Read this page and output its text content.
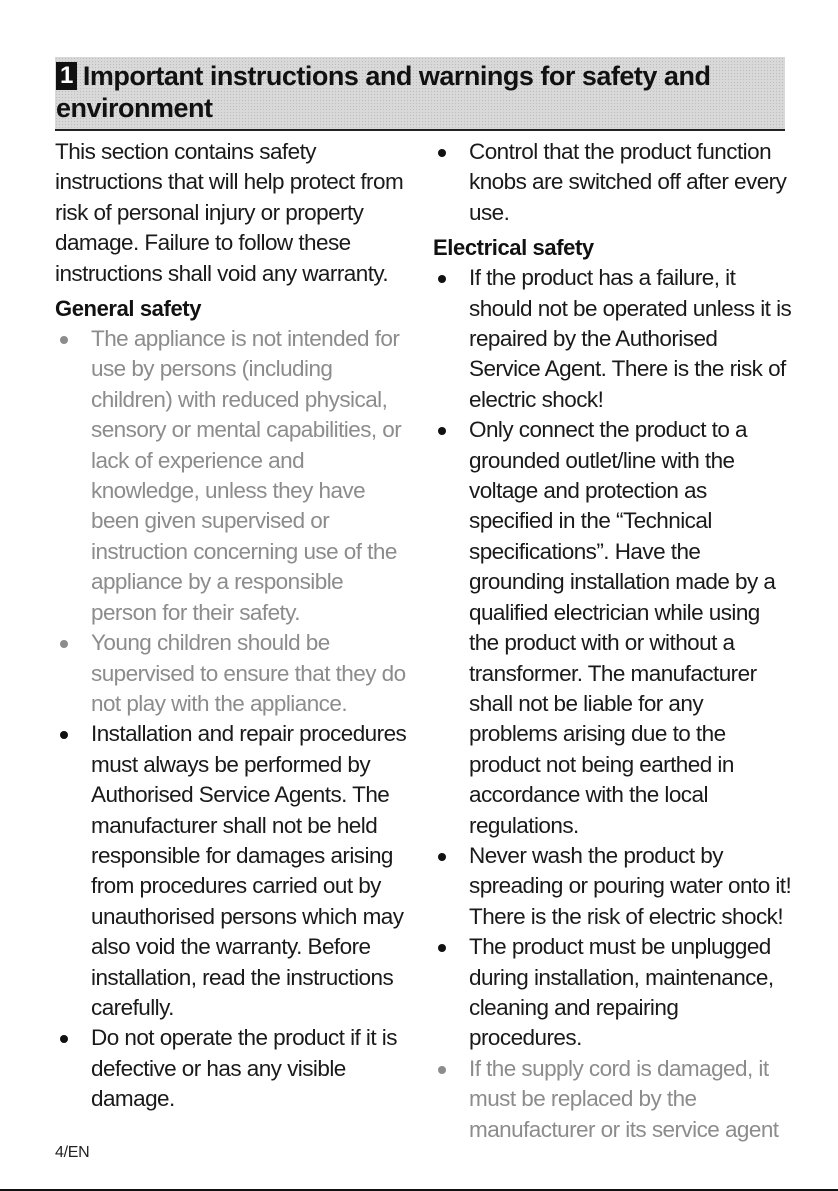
1 Important instructions and warnings for safety and environment

This section contains safety instructions that will help protect from risk of personal injury or property damage. Failure to follow these instructions shall void any warranty.

General safety
The appliance is not intended for use by persons (including children) with reduced physical, sensory or mental capabilities, or lack of experience and knowledge, unless they have been given supervised or instruction concerning use of the appliance by a responsible person for their safety.
Young children should be supervised to ensure that they do not play with the appliance.
Installation and repair procedures must always be performed by Authorised Service Agents. The manufacturer shall not be held responsible for damages arising from procedures carried out by unauthorised persons which may also void the warranty. Before installation, read the instructions carefully.
Do not operate the product if it is defective or has any visible damage.
Control that the product function knobs are switched off after every use.
Electrical safety
If the product has a failure, it should not be operated unless it is repaired by the Authorised Service Agent. There is the risk of electric shock!
Only connect the product to a grounded outlet/line with the voltage and protection as specified in the “Technical specifications”. Have the grounding installation made by a qualified electrician while using the product with or without a transformer. The manufacturer shall not be liable for any problems arising due to the product not being earthed in accordance with the local regulations.
Never wash the product by spreading or pouring water onto it! There is the risk of electric shock!
The product must be unplugged during installation, maintenance, cleaning and repairing procedures.
If the supply cord is damaged, it must be replaced by the manufacturer or its service agent
4/EN
